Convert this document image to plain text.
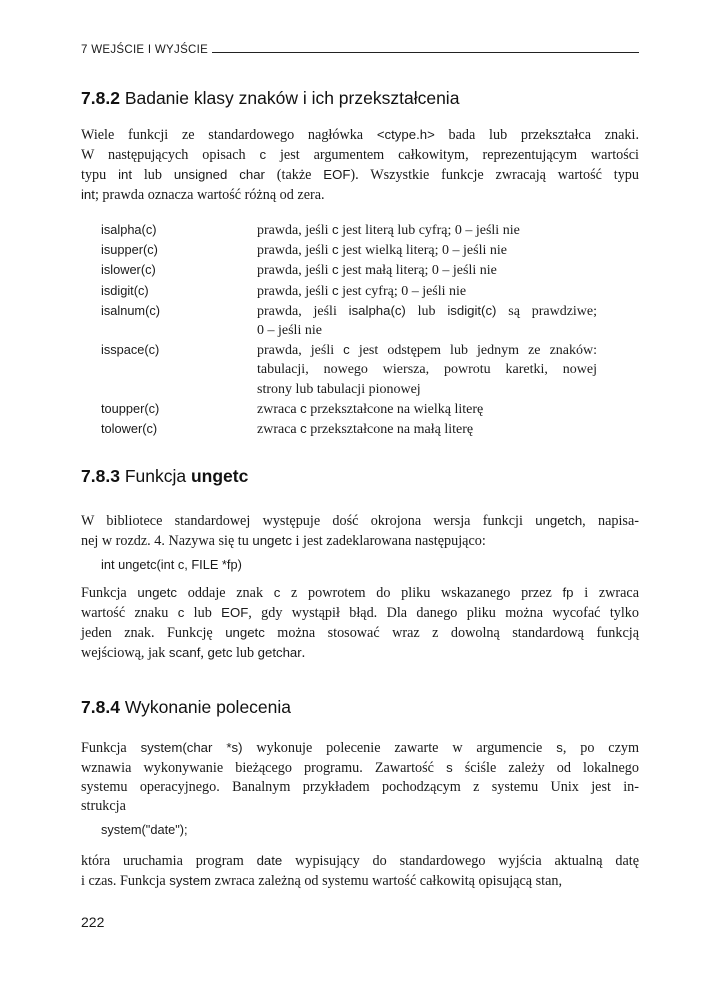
7 WEJŚCIE I WYJŚCIE
7.8.2 Badanie klasy znaków i ich przekształcenia
Wiele funkcji ze standardowego nagłówka <ctype.h> bada lub przekształca znaki.
W następujących opisach c jest argumentem całkowitym, reprezentującym wartości
typu int lub unsigned char (także EOF). Wszystkie funkcje zwracają wartość typu
int; prawda oznacza wartość różną od zera.
isalpha(c)	prawda, jeśli c jest literą lub cyfrą; 0 – jeśli nie
isupper(c)	prawda, jeśli c jest wielką literą; 0 – jeśli nie
islower(c)	prawda, jeśli c jest małą literą; 0 – jeśli nie
isdigit(c)	prawda, jeśli c jest cyfrą; 0 – jeśli nie
isalnum(c)	prawda, jeśli isalpha(c) lub isdigit(c) są prawdziwe;
0 – jeśli nie
isspace(c)	prawda, jeśli c jest odstępem lub jednym ze znaków:
tabulacji, nowego wiersza, powrotu karetki, nowej
strony lub tabulacji pionowej
toupper(c)	zwraca c przekształcone na wielką literę
tolower(c)	zwraca c przekształcone na małą literę
7.8.3 Funkcja ungetc
W bibliotece standardowej występuje dość okrojona wersja funkcji ungetch, napisa-
nej w rozdz. 4. Nazywa się tu ungetc i jest zadeklarowana następująco:
int ungetc(int c, FILE *fp)
Funkcja ungetc oddaje znak c z powrotem do pliku wskazanego przez fp i zwraca
wartość znaku c lub EOF, gdy wystąpił błąd. Dla danego pliku można wycofać tylko
jeden znak. Funkcję ungetc można stosować wraz z dowolną standardową funkcją
wejściową, jak scanf, getc lub getchar.
7.8.4 Wykonanie polecenia
Funkcja system(char *s) wykonuje polecenie zawarte w argumencie s, po czym
wznawia wykonywanie bieżącego programu. Zawartość s ściśle zależy od lokalnego
systemu operacyjnego. Banalnym przykładem pochodzącym z systemu Unix jest in-
strukcja
system("date");
która uruchamia program date wypisujący do standardowego wyjścia aktualną datę
i czas. Funkcja system zwraca zależną od systemu wartość całkowitą opisującą stan,
222
